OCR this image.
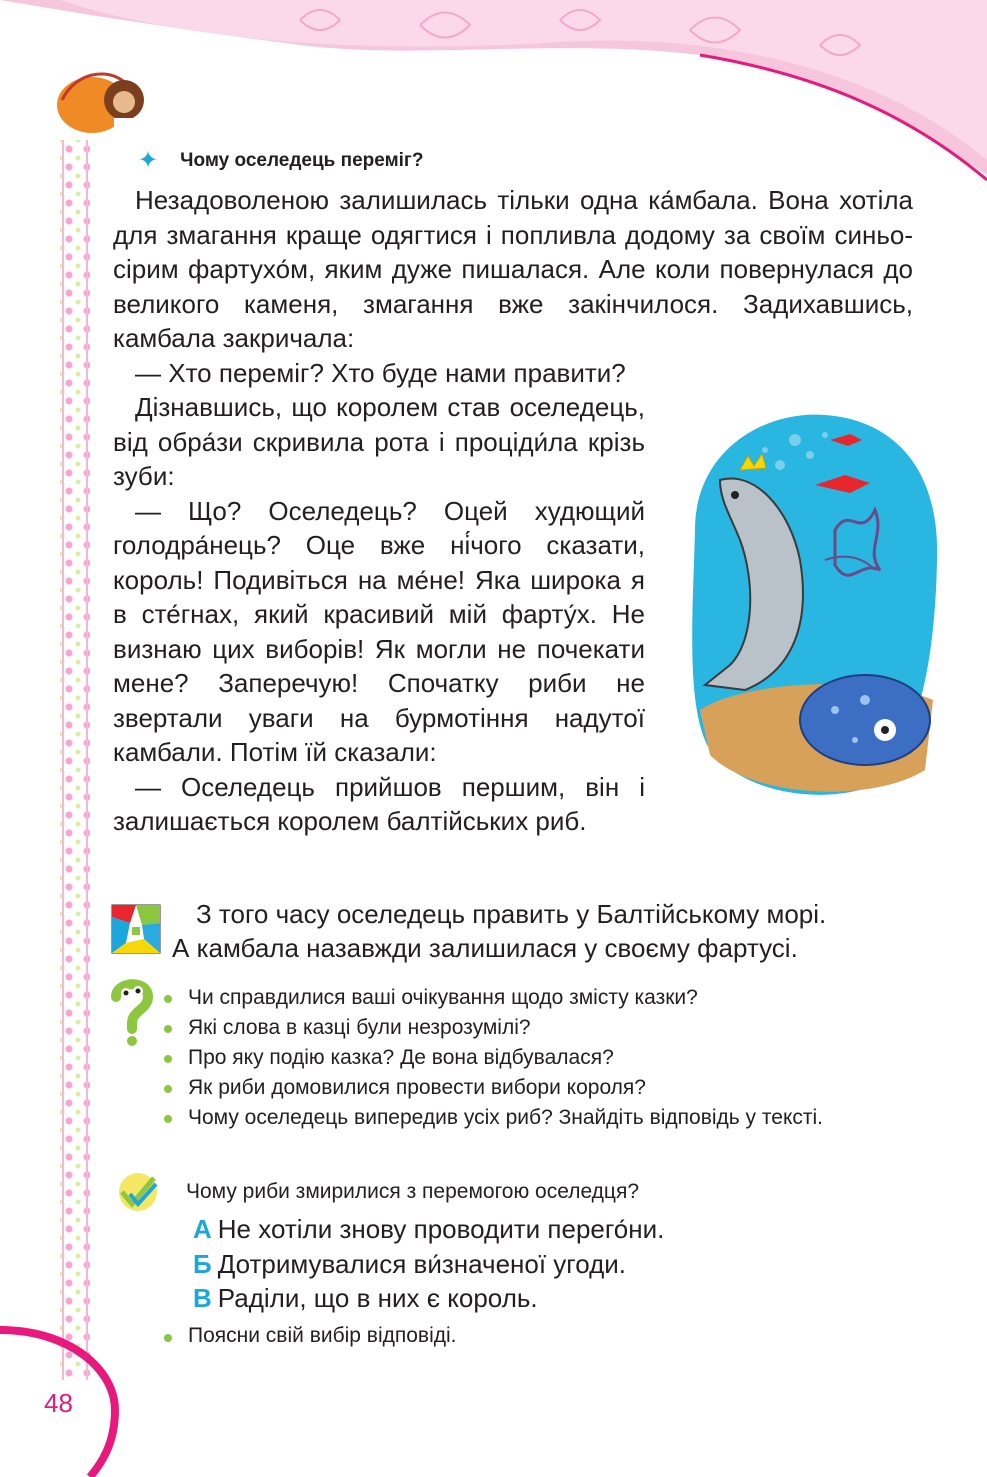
48
✦ Чому оселедець переміг?

Незадоволеною залишилась тільки одна ка́мбала. Вона хотіла для змагання краще одягтися і попливла додому за своїм синьо-сірим фартухо́м, яким дуже пишалася. Але коли повернулася до великого каменя, змагання вже закінчилося. Задихавшись, камбала закричала:

— Хто переміг? Хто буде нами правити?

Дізнавшись, що королем став оселедець, від обра́зи скривила рота і проціди́ла крізь зуби:

— Що? Оселедець? Оцей худющий голодра́нець? Оце вже ні́чого сказати, король! Подивіться на ме́не! Яка широка я в сте́гнах, який красивий мій фарту́х. Не визнаю цих виборів! Як могли не почекати мене? Заперечую! Спочатку риби не звертали уваги на бурмотіння надутої камбали. Потім їй сказали:

— Оселедець прийшов першим, він і залишається королем балтійських риб.

З того часу оселедець править у Балтійському морі.
А камбала назавжди залишилася у своєму фартусі.
Чи справдилися ваші очікування щодо змісту казки?
Які слова в казці були незрозумілі?
Про яку подію казка? Де вона відбувалася?
Як риби домовилися провести вибори короля?
Чому оселедець випередив усіх риб? Знайдіть відповідь у тексті.
Чому риби змирилися з перемогою оселедця?
А Не хотіли знову проводити перего́ни.
Б Дотримувалися ви́значеної угоди.
В Раділи, що в них є король.
Поясни свій вибір відповіді.
